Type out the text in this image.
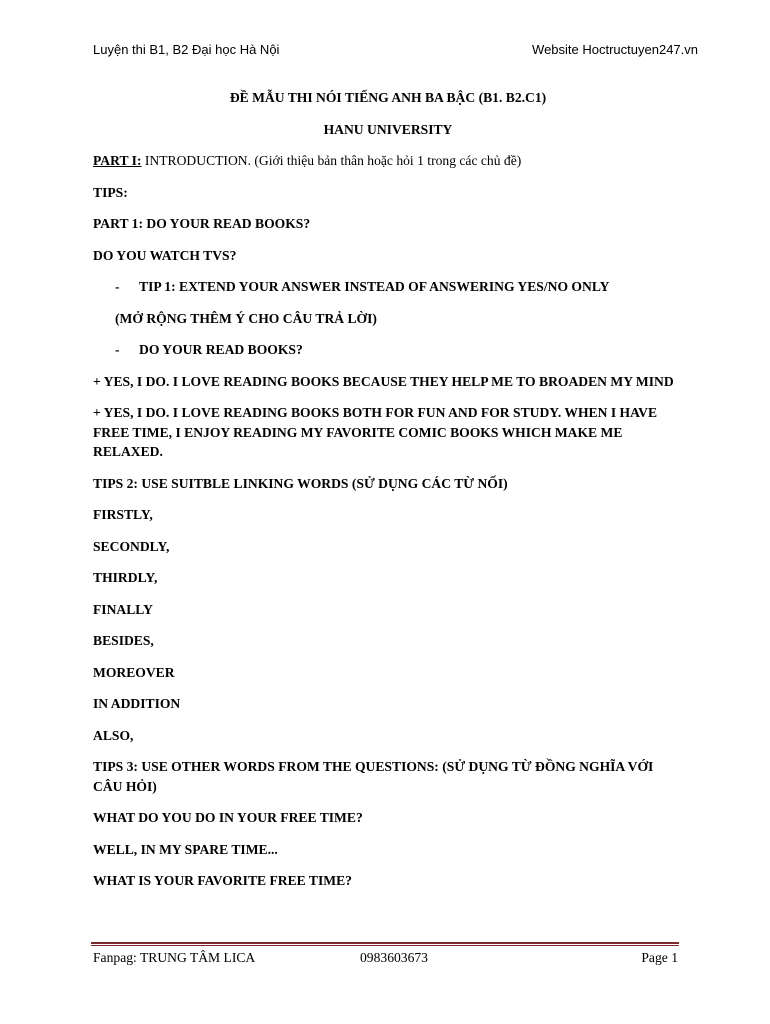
Luyện thi B1, B2 Đại học Hà Nội	Website Hoctructuyen247.vn

ĐỀ MẪU THI NÓI TIẾNG ANH BA BẬC (B1. B2.C1)

HANU UNIVERSITY

PART I: INTRODUCTION. (Giới thiệu bản thân hoặc hỏi 1 trong các chủ đề)

TIPS:

PART 1: DO YOUR READ BOOKS?

DO YOU WATCH TVS?

- TIP 1: EXTEND YOUR ANSWER INSTEAD OF ANSWERING YES/NO ONLY

(MỞ RỘNG THÊM Ý CHO CÂU TRẢ LỜI)

- DO YOUR READ BOOKS?

+ YES, I DO. I LOVE READING BOOKS BECAUSE THEY HELP ME TO BROADEN MY MIND

+ YES, I DO. I LOVE READING BOOKS BOTH FOR FUN AND FOR STUDY. WHEN I HAVE FREE TIME, I ENJOY READING MY FAVORITE COMIC BOOKS WHICH MAKE ME RELAXED.

TIPS 2: USE SUITBLE LINKING WORDS (SỬ DỤNG CÁC TỪ NỐI)

FIRSTLY,

SECONDLY,

THIRDLY,

FINALLY

BESIDES,

MOREOVER

IN ADDITION

ALSO,

TIPS 3: USE OTHER WORDS FROM THE QUESTIONS: (SỬ DỤNG TỪ ĐỒNG NGHĨA VỚI CÂU HỎI)

WHAT DO YOU DO IN YOUR FREE TIME?

WELL, IN MY SPARE TIME...

WHAT IS YOUR FAVORITE FREE TIME?

Fanpag: TRUNG TÂM LICA	0983603673	Page 1
